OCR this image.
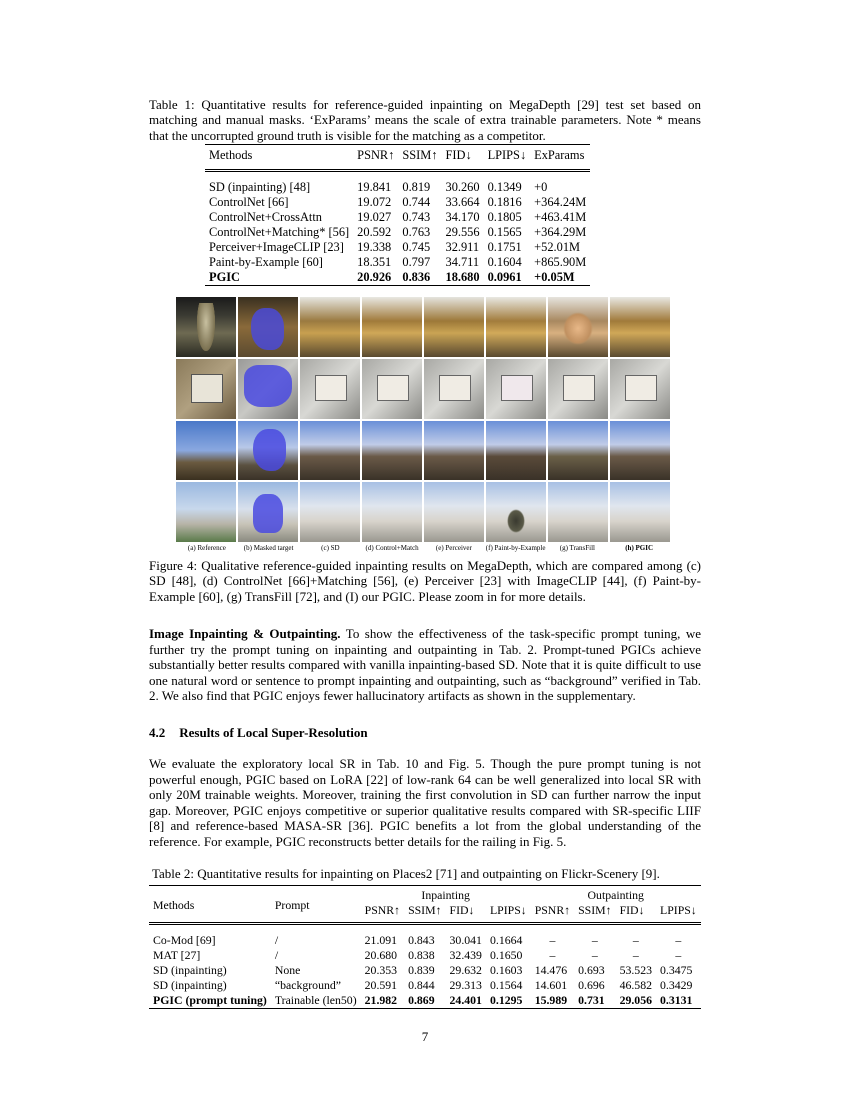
Table 1: Quantitative results for reference-guided inpainting on MegaDepth [29] test set based on matching and manual masks. ‘ExParams’ means the scale of extra trainable parameters. Note * means that the uncorrupted ground truth is visible for the matching as a competitor.
Methods	PSNR↑	SSIM↑	FID↓	LPIPS↓	ExParams

SD (inpainting) [48]	19.841	0.819	30.260	0.1349	+0
ControlNet [66]	19.072	0.744	33.664	0.1816	+364.24M
ControlNet+CrossAttn	19.027	0.743	34.170	0.1805	+463.41M
ControlNet+Matching* [56]	20.592	0.763	29.556	0.1565	+364.29M
Perceiver+ImageCLIP [23]	19.338	0.745	32.911	0.1751	+52.01M
Paint-by-Example [60]	18.351	0.797	34.711	0.1604	+865.90M
PGIC	20.926	0.836	18.680	0.0961	+0.05M
(a) Reference	(b) Masked target	(c) SD	(d) Control+Match	(e) Perceiver	(f) Paint-by-Example	(g) TransFill	(h) PGIC
Figure 4: Qualitative reference-guided inpainting results on MegaDepth, which are compared among (c) SD [48], (d) ControlNet [66]+Matching [56], (e) Perceiver [23] with ImageCLIP [44], (f) Paint-by-Example [60], (g) TransFill [72], and (I) our PGIC. Please zoom in for more details.
Image Inpainting & Outpainting. To show the effectiveness of the task-specific prompt tuning, we further try the prompt tuning on inpainting and outpainting in Tab. 2. Prompt-tuned PGICs achieve substantially better results compared with vanilla inpainting-based SD. Note that it is quite difficult to use one natural word or sentence to prompt inpainting and outpainting, such as “background” verified in Tab. 2. We also find that PGIC enjoys fewer hallucinatory artifacts as shown in the supplementary.
4.2 Results of Local Super-Resolution
We evaluate the exploratory local SR in Tab. 10 and Fig. 5. Though the pure prompt tuning is not powerful enough, PGIC based on LoRA [22] of low-rank 64 can be well generalized into local SR with only 20M trainable weights. Moreover, training the first convolution in SD can further narrow the input gap. Moreover, PGIC enjoys competitive or superior qualitative results compared with SR-specific LIIF [8] and reference-based MASA-SR [36]. PGIC benefits a lot from the global understanding of the reference. For example, PGIC reconstructs better details for the railing in Fig. 5.
Table 2: Quantitative results for inpainting on Places2 [71] and outpainting on Flickr-Scenery [9].
Methods	Prompt	Inpainting				Outpainting			
		PSNR↑	SSIM↑	FID↓	LPIPS↓	PSNR↑	SSIM↑	FID↓	LPIPS↓

Co-Mod [69]	/	21.091	0.843	30.041	0.1664	–	–	–	–
MAT [27]	/	20.680	0.838	32.439	0.1650	–	–	–	–
SD (inpainting)	None	20.353	0.839	29.632	0.1603	14.476	0.693	53.523	0.3475
SD (inpainting)	“background”	20.591	0.844	29.313	0.1564	14.601	0.696	46.582	0.3429
PGIC (prompt tuning)	Trainable (len50)	21.982	0.869	24.401	0.1295	15.989	0.731	29.056	0.3131
7
